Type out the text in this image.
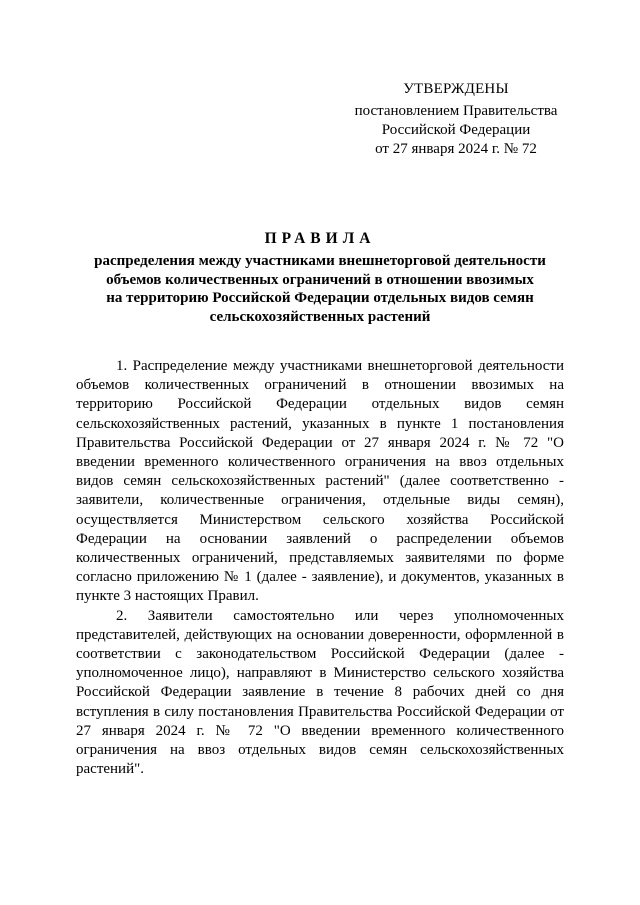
УТВЕРЖДЕНЫ
постановлением Правительства
Российской Федерации
от 27 января 2024 г. № 72
ПРАВИЛА
распределения между участниками внешнеторговой деятельности
объемов количественных ограничений в отношении ввозимых
на территорию Российской Федерации отдельных видов семян
сельскохозяйственных растений

1. Распределение между участниками внешнеторговой деятельности объемов количественных ограничений в отношении ввозимых на территорию Российской Федерации отдельных видов семян сельскохозяйственных растений, указанных в пункте 1 постановления Правительства Российской Федерации от 27 января 2024 г. № 72 "О введении временного количественного ограничения на ввоз отдельных видов семян сельскохозяйственных растений" (далее соответственно - заявители, количественные ограничения, отдельные виды семян), осуществляется Министерством сельского хозяйства Российской Федерации на основании заявлений о распределении объемов количественных ограничений, представляемых заявителями по форме согласно приложению № 1 (далее - заявление), и документов, указанных в пункте 3 настоящих Правил.

2. Заявители самостоятельно или через уполномоченных представителей, действующих на основании доверенности, оформленной в соответствии с законодательством Российской Федерации (далее - уполномоченное лицо), направляют в Министерство сельского хозяйства Российской Федерации заявление в течение 8 рабочих дней со дня вступления в силу постановления Правительства Российской Федерации от 27 января 2024 г. № 72 "О введении временного количественного ограничения на ввоз отдельных видов семян сельскохозяйственных растений".
